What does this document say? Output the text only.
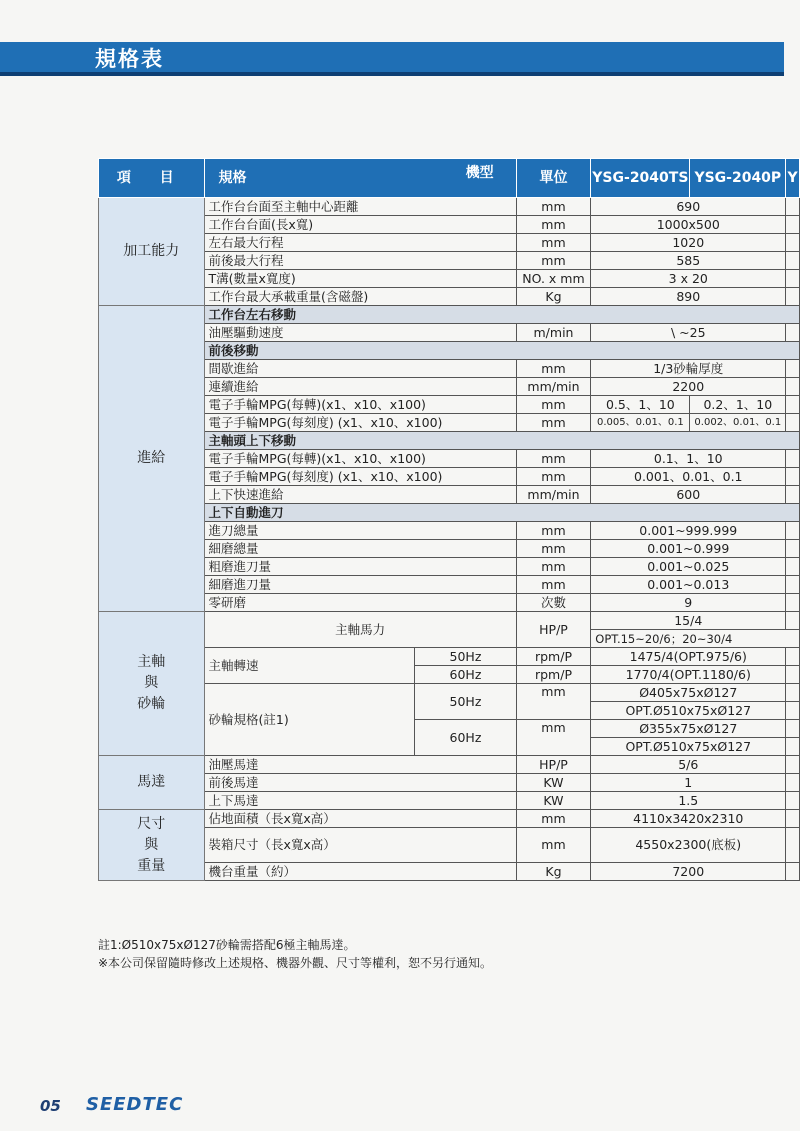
規格表
項 目	規格 機型		單位	YSG-2040TS	YSG-2040P	Y
加工能力	工作台台面至主軸中心距離		mm	690		
	工作台台面(長x寬)		mm	1000x500		
	左右最大行程		mm	1020		
	前後最大行程		mm	585		
	T溝(數量x寬度)		NO. x mm	3 x 20		
	工作台最大承載重量(含磁盤)		Kg	890		
進給	工作台左右移動					
	油壓驅動速度		m/min	\ ~25		
	前後移動					
	間歇進給		mm	1/3砂輪厚度		
	連續進給		mm/min	2200		
	電子手輪MPG(每轉)(x1、x10、x100)		mm	0.5、1、10	0.2、1、10	
	電子手輪MPG(每刻度) (x1、x10、x100)		mm	0.005、0.01、0.1	0.002、0.01、0.1	
	主軸頭上下移動					
	電子手輪MPG(每轉)(x1、x10、x100)		mm	0.1、1、10		
	電子手輪MPG(每刻度) (x1、x10、x100)		mm	0.001、0.01、0.1		
	上下快速進給		mm/min	600		
	上下自動進刀					
	進刀總量		mm	0.001~999.999		
	細磨總量		mm	0.001~0.999		
	粗磨進刀量		mm	0.001~0.025		
	細磨進刀量		mm	0.001~0.013		
	零研磨		次數	9		
主軸
與
砂輪	主軸馬力		HP/P	15/4		
				OPT.15~20/6；20~30/4		
	主軸轉速	50Hz	rpm/P	1475/4(OPT.975/6)		
		60Hz	rpm/P	1770/4(OPT.1180/6)		
	砂輪規格(註1)	50Hz	mm	Ø405x75xØ127		
				OPT.Ø510x75xØ127		
		60Hz	mm	Ø355x75xØ127		
				OPT.Ø510x75xØ127		
馬達	油壓馬達		HP/P	5/6		
	前後馬達		KW	1		
	上下馬達		KW	1.5		
尺寸
與
重量	佔地面積（長x寬x高）		mm	4110x3420x2310		
	裝箱尺寸（長x寬x高）		mm	4550x2300(底板)		
	機台重量（約）		Kg	7200		
註1:Ø510x75xØ127砂輪需搭配6極主軸馬達。
※本公司保留隨時修改上述規格、機器外觀、尺寸等權利，恕不另行通知。
05 SEEDTEC
